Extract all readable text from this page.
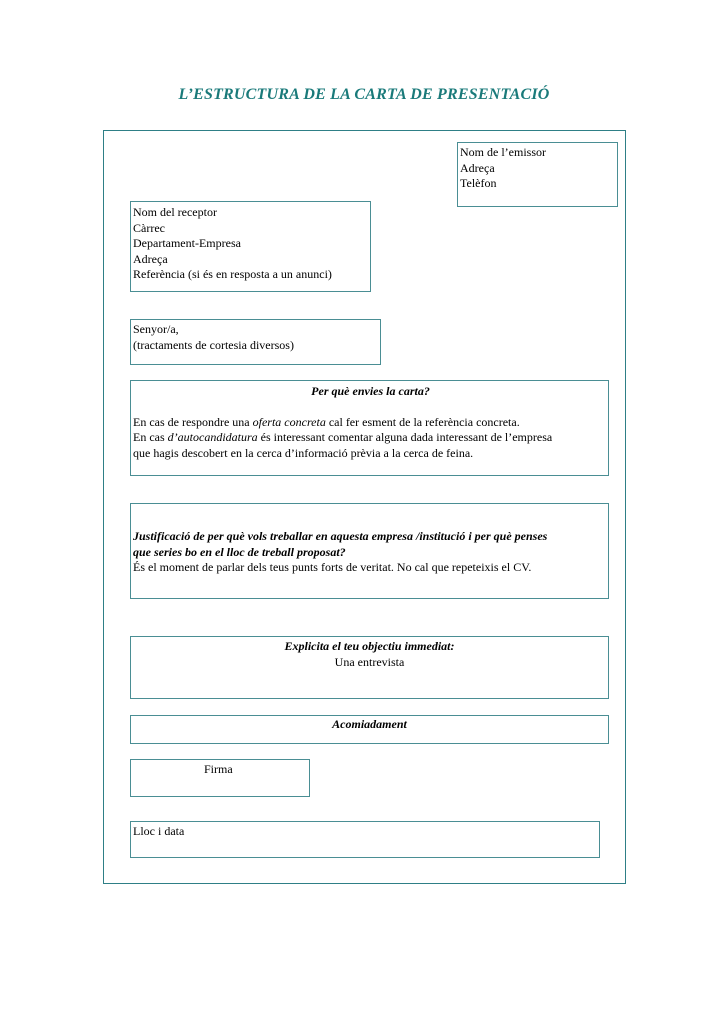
L’ESTRUCTURA DE LA CARTA DE PRESENTACIÓ
Nom de l’emissor
Adreça
Telèfon
Nom del receptor
Càrrec
Departament-Empresa
Adreça
Referència (si és en resposta a un anunci)
Senyor/a,
(tractaments de cortesia diversos)
Per què envies la carta?
En cas de respondre una oferta concreta cal fer esment de la referència concreta.
En cas d’autocandidatura és interessant comentar alguna dada interessant de l’empresa
que hagis descobert en la cerca d’informació prèvia a la cerca de feina.
Justificació de per què vols treballar en aquesta empresa /institució i per què penses
que series bo en el lloc de treball proposat?
És el moment de parlar dels teus punts forts de veritat. No cal que repeteixis el CV.
Explicita el teu objectiu immediat:
Una entrevista
Acomiadament
Firma
Lloc i data
